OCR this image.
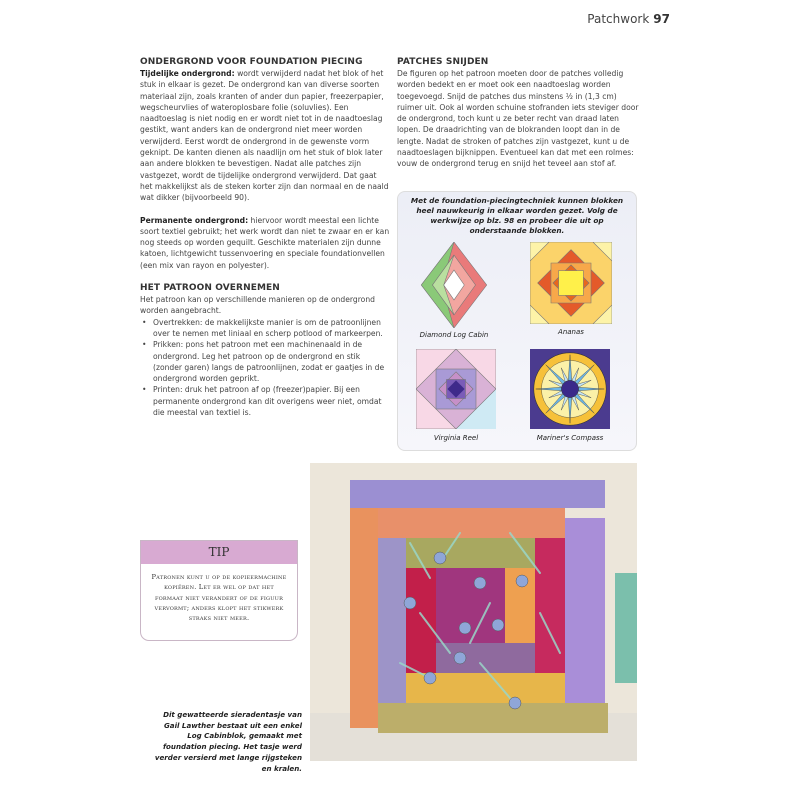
Patchwork 97
ONDERGROND VOOR FOUNDATION PIECING

Tijdelijke ondergrond: wordt verwijderd nadat het blok of het stuk in elkaar is gezet. De ondergrond kan van diverse soorten materiaal zijn, zoals kranten of ander dun papier, freezerpapier, wegscheurvlies of wateroplosbare folie (soluvlies). Een naadtoeslag is niet nodig en er wordt niet tot in de naadtoeslag gestikt, want anders kan de ondergrond niet meer worden verwijderd. Eerst wordt de ondergrond in de gewenste vorm geknipt. De kanten dienen als naadlijn om het stuk of blok later aan andere blokken te bevestigen. Nadat alle patches zijn vastgezet, wordt de tijdelijke ondergrond verwijderd. Dat gaat het makkelijkst als de steken korter zijn dan normaal en de naald wat dikker (bijvoorbeeld 90).

Permanente ondergrond: hiervoor wordt meestal een lichte soort textiel gebruikt; het werk wordt dan niet te zwaar en er kan nog steeds op worden gequilt. Geschikte materialen zijn dunne katoen, lichtgewicht tussenvoering en speciale foundationvellen (een mix van rayon en polyester).

HET PATROON OVERNEMEN

Het patroon kan op verschillende manieren op de ondergrond worden aangebracht.

• Overtrekken: de makkelijkste manier is om de patroonlijnen over te nemen met liniaal en scherp potlood of markeerpen.
• Prikken: pons het patroon met een machinenaald in de ondergrond. Leg het patroon op de ondergrond en stik (zonder garen) langs de patroonlijnen, zodat er gaatjes in de ondergrond worden geprikt.
• Printen: druk het patroon af op (freezer)papier. Bij een permanente ondergrond kan dit overigens weer niet, omdat die meestal van textiel is.
PATCHES SNIJDEN

De figuren op het patroon moeten door de patches volledig worden bedekt en er moet ook een naadtoeslag worden toegevoegd. Snijd de patches dus minstens ½ in (1,3 cm) ruimer uit. Ook al worden schuine stofranden iets steviger door de ondergrond, toch kunt u ze beter recht van draad laten lopen. De draadrichting van de blokranden loopt dan in de lengte. Nadat de stroken of patches zijn vastgezet, kunt u de naadtoeslagen bijknippen. Eventueel kan dat met een rolmes: vouw de ondergrond terug en snijd het teveel aan stof af.

Met de foundation-piecingtechniek kunnen blokken heel nauwkeurig in elkaar worden gezet. Volg de werkwijze op blz. 98 en probeer die uit op onderstaande blokken.
Diamond Log Cabin	Ananas
Virginia Reel	Mariner's Compass
TIP
Patronen kunt u op de kopieermachine kopiëren. Let er wel op dat het formaat niet verandert of de figuur vervormt; anders klopt het stikwerk straks niet meer.
Dit gewatteerde sieradentasje van Gail Lawther bestaat uit een enkel Log Cabinblok, gemaakt met foundation piecing. Het tasje werd verder versierd met lange rijgsteken en kralen.
